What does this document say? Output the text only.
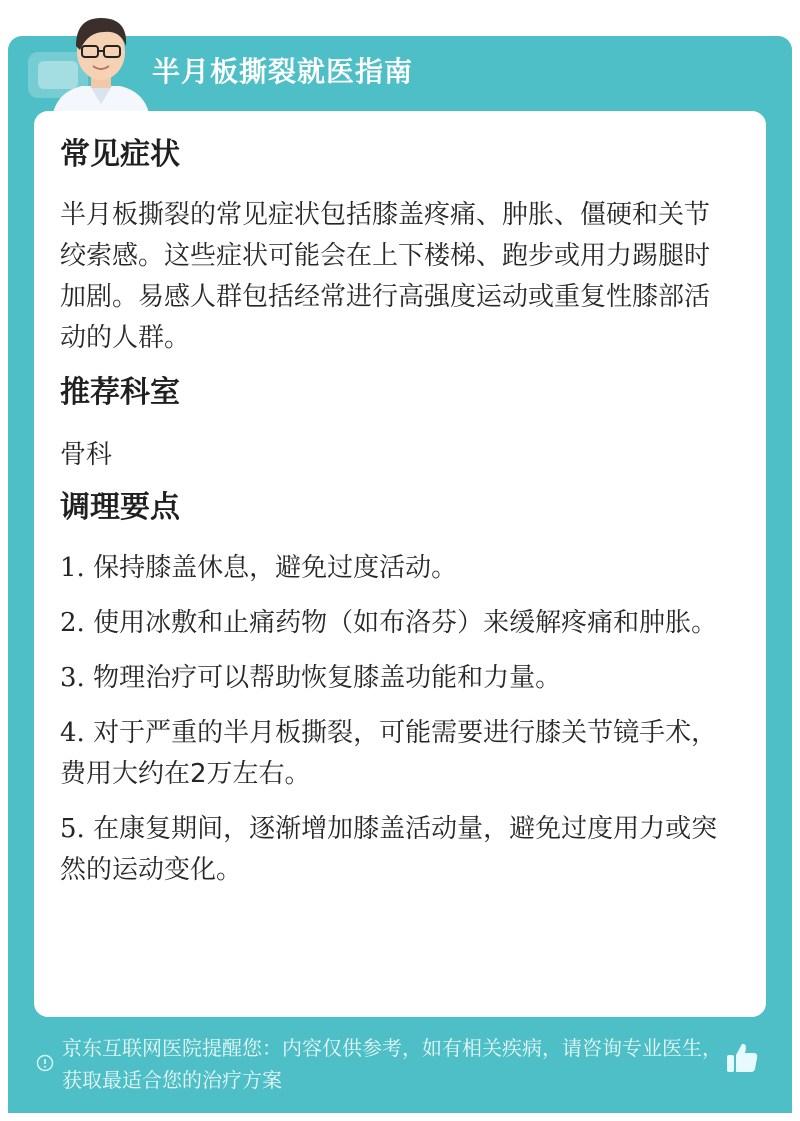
半月板撕裂就医指南
常见症状

半月板撕裂的常见症状包括膝盖疼痛、肿胀、僵硬和关节绞索感。这些症状可能会在上下楼梯、跑步或用力踢腿时加剧。易感人群包括经常进行高强度运动或重复性膝部活动的人群。

推荐科室

骨科

调理要点
1. 保持膝盖休息，避免过度活动。
2. 使用冰敷和止痛药物（如布洛芬）来缓解疼痛和肿胀。
3. 物理治疗可以帮助恢复膝盖功能和力量。
4. 对于严重的半月板撕裂，可能需要进行膝关节镜手术，费用大约在2万左右。
5. 在康复期间，逐渐增加膝盖活动量，避免过度用力或突然的运动变化。
京东互联网医院提醒您：内容仅供参考，如有相关疾病，请咨询专业医生，获取最适合您的治疗方案
